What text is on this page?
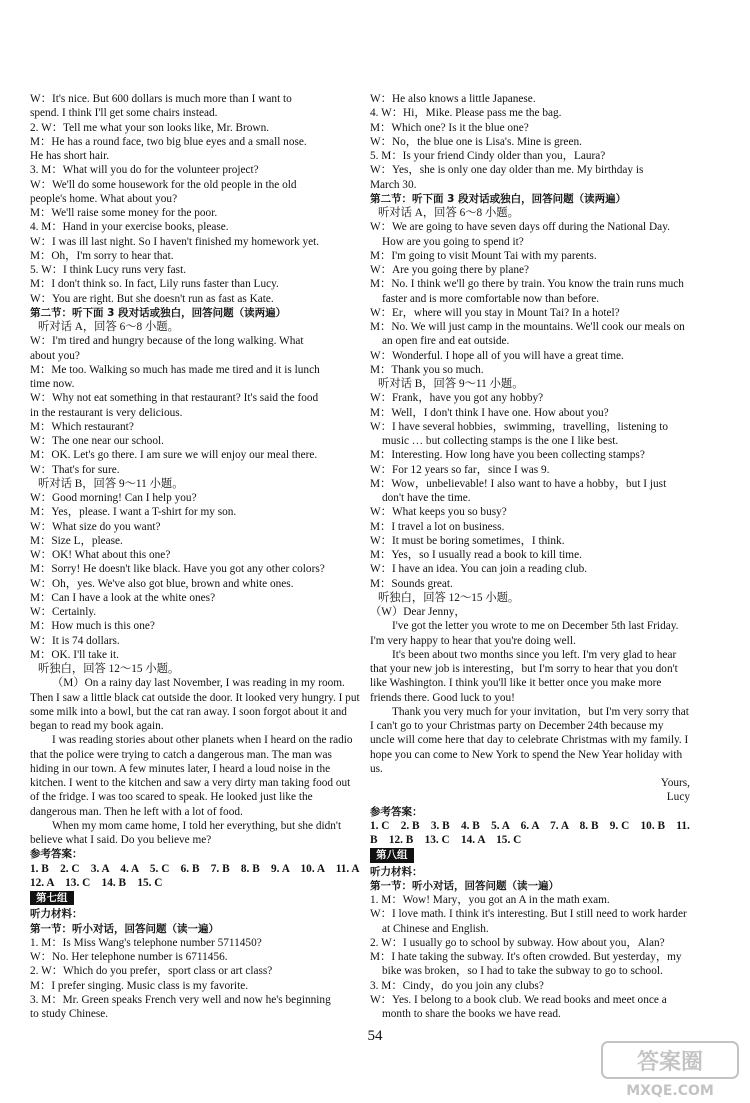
W：It's nice. But 600 dollars is much more than I want to
spend. I think I'll get some chairs instead.
2. W：Tell me what your son looks like, Mr. Brown.
M：He has a round face, two big blue eyes and a small nose.
He has short hair.
3. M：What will you do for the volunteer project?
W：We'll do some housework for the old people in the old
people's home. What about you?
M：We'll raise some money for the poor.
4. M：Hand in your exercise books, please.
W：I was ill last night. So I haven't finished my homework yet.
M：Oh，I'm sorry to hear that.
5. W：I think Lucy runs very fast.
M：I don't think so. In fact, Lily runs faster than Lucy.
W：You are right. But she doesn't run as fast as Kate.
第二节：听下面 3 段对话或独白，回答问题（读两遍）
听对话 A，回答 6～8 小题。
W：I'm tired and hungry because of the long walking. What
about you?
M：Me too. Walking so much has made me tired and it is lunch
time now.
W：Why not eat something in that restaurant? It's said the food
in the restaurant is very delicious.
M：Which restaurant?
W：The one near our school.
M：OK. Let's go there. I am sure we will enjoy our meal there.
W：That's for sure.
听对话 B，回答 9～11 小题。
W：Good morning! Can I help you?
M：Yes，please. I want a T-shirt for my son.
W：What size do you want?
M：Size L，please.
W：OK! What about this one?
M：Sorry! He doesn't like black. Have you got any other colors?
W：Oh，yes. We've also got blue, brown and white ones.
M：Can I have a look at the white ones?
W：Certainly.
M：How much is this one?
W：It is 74 dollars.
M：OK. I'll take it.
听独白，回答 12～15 小题。
（M）On a rainy day last November, I was reading in my room. Then I saw a little black cat outside the door. It looked very hungry. I put some milk into a bowl, but the cat ran away. I soon forgot about it and began to read my book again.
I was reading stories about other planets when I heard on the radio that the police were trying to catch a dangerous man. The man was hiding in our town. A few minutes later, I heard a loud noise in the kitchen. I went to the kitchen and saw a very dirty man taking food out of the fridge. I was too scared to speak. He looked just like the dangerous man. Then he left with a lot of food.
When my mom came home, I told her everything, but she didn't believe what I said. Do you believe me?
参考答案：
1. B　2. C　3. A　4. A　5. C　6. B　7. B　8. B　9. A　10. A　11. A　12. A　13. C　14. B　15. C
第七组
听力材料：
第一节：听小对话，回答问题（读一遍）
1. M：Is Miss Wang's telephone number 5711450?
W：No. Her telephone number is 6711456.
2. W：Which do you prefer，sport class or art class?
M：I prefer singing. Music class is my favorite.
3. M：Mr. Green speaks French very well and now he's beginning
to study Chinese.
W：He also knows a little Japanese.
4. W：Hi，Mike. Please pass me the bag.
M：Which one? Is it the blue one?
W：No，the blue one is Lisa's. Mine is green.
5. M：Is your friend Cindy older than you，Laura?
W：Yes，she is only one day older than me. My birthday is
March 30.
第二节：听下面 3 段对话或独白，回答问题（读两遍）
听对话 A，回答 6～8 小题。
W：We are going to have seven days off during the National Day. How are you going to spend it?
M：I'm going to visit Mount Tai with my parents.
W：Are you going there by plane?
M：No. I think we'll go there by train. You know the train runs much faster and is more comfortable now than before.
W：Er，where will you stay in Mount Tai? In a hotel?
M：No. We will just camp in the mountains. We'll cook our meals on an open fire and eat outside.
W：Wonderful. I hope all of you will have a great time.
M：Thank you so much.
听对话 B，回答 9～11 小题。
W：Frank，have you got any hobby?
M：Well，I don't think I have one. How about you?
W：I have several hobbies，swimming，travelling，listening to music … but collecting stamps is the one I like best.
M：Interesting. How long have you been collecting stamps?
W：For 12 years so far，since I was 9.
M：Wow，unbelievable! I also want to have a hobby，but I just don't have the time.
W：What keeps you so busy?
M：I travel a lot on business.
W：It must be boring sometimes，I think.
M：Yes，so I usually read a book to kill time.
W：I have an idea. You can join a reading club.
M：Sounds great.
听独白，回答 12～15 小题。
（W）Dear Jenny，
I've got the letter you wrote to me on December 5th last Friday. I'm very happy to hear that you're doing well.
It's been about two months since you left. I'm very glad to hear that your new job is interesting，but I'm sorry to hear that you don't like Washington. I think you'll like it better once you make more friends there. Good luck to you!
Thank you very much for your invitation，but I'm very sorry that I can't go to your Christmas party on December 24th because my uncle will come here that day to celebrate Christmas with my family. I hope you can come to New York to spend the New Year holiday with us.
Yours,
Lucy
参考答案：
1. C　2. B　3. B　4. B　5. A　6. A　7. A　8. B　9. C　10. B　11. B　12. B　13. C　14. A　15. C
第八组
听力材料：
第一节：听小对话，回答问题（读一遍）
1. M：Wow! Mary，you got an A in the math exam.
W：I love math. I think it's interesting. But I still need to work harder at Chinese and English.
2. W：I usually go to school by subway. How about you，Alan?
M：I hate taking the subway. It's often crowded. But yesterday，my bike was broken，so I had to take the subway to go to school.
3. M：Cindy，do you join any clubs?
W：Yes. I belong to a book club. We read books and meet once a month to share the books we have read.
54
答案圈
MXQE.COM
